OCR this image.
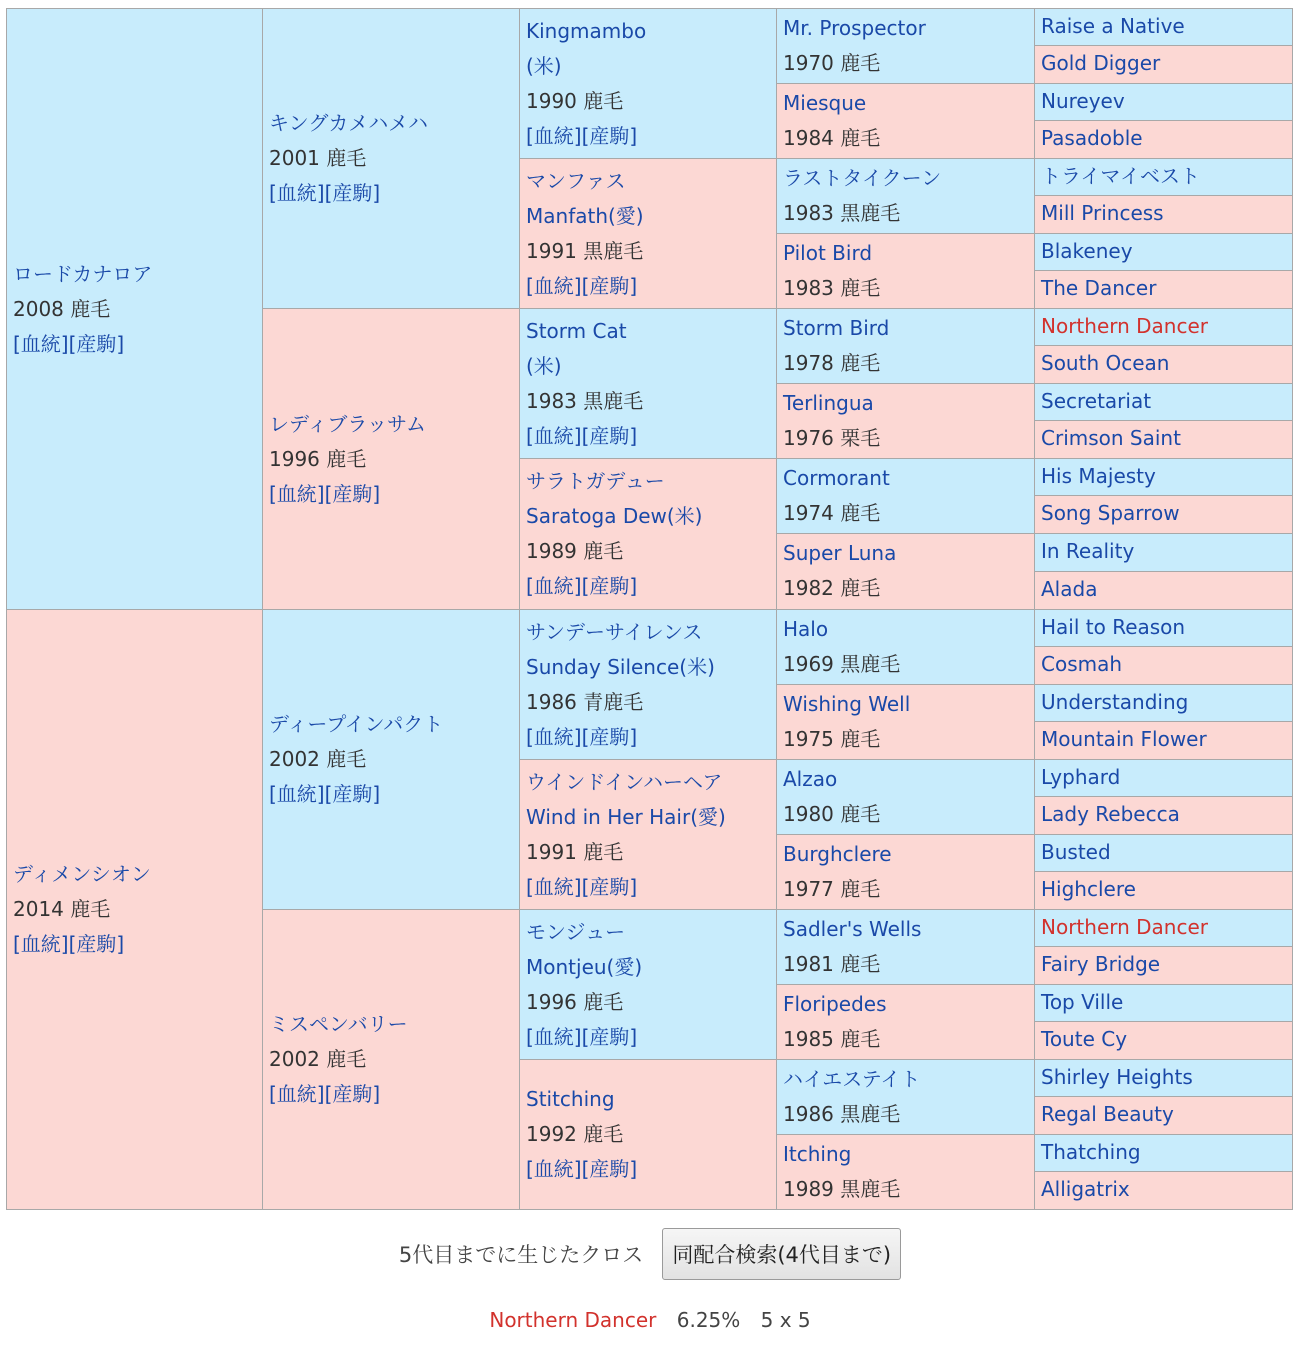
ロードカナロア
2008 鹿毛
[血統][産駒]
ディメンシオン
2014 鹿毛
[血統][産駒]
キングカメハメハ
2001 鹿毛
[血統][産駒]
レディブラッサム
1996 鹿毛
[血統][産駒]
ディープインパクト
2002 鹿毛
[血統][産駒]
ミスペンバリー
2002 鹿毛
[血統][産駒]
Kingmambo
(米)
1990 鹿毛
[血統][産駒]
マンファス
Manfath(愛)
1991 黒鹿毛
[血統][産駒]
Storm Cat
(米)
1983 黒鹿毛
[血統][産駒]
サラトガデュー
Saratoga Dew(米)
1989 鹿毛
[血統][産駒]
サンデーサイレンス
Sunday Silence(米)
1986 青鹿毛
[血統][産駒]
ウインドインハーヘア
Wind in Her Hair(愛)
1991 鹿毛
[血統][産駒]
モンジュー
Montjeu(愛)
1996 鹿毛
[血統][産駒]
Stitching
1992 鹿毛
[血統][産駒]
Mr. Prospector
1970 鹿毛
Miesque
1984 鹿毛
ラストタイクーン
1983 黒鹿毛
Pilot Bird
1983 鹿毛
Storm Bird
1978 鹿毛
Terlingua
1976 栗毛
Cormorant
1974 鹿毛
Super Luna
1982 鹿毛
Halo
1969 黒鹿毛
Wishing Well
1975 鹿毛
Alzao
1980 鹿毛
Burghclere
1977 鹿毛
Sadler's Wells
1981 鹿毛
Floripedes
1985 鹿毛
ハイエステイト
1986 黒鹿毛
Itching
1989 黒鹿毛
Raise a Native
Gold Digger
Nureyev
Pasadoble
トライマイベスト
Mill Princess
Blakeney
The Dancer
Northern Dancer
South Ocean
Secretariat
Crimson Saint
His Majesty
Song Sparrow
In Reality
Alada
Hail to Reason
Cosmah
Understanding
Mountain Flower
Lyphard
Lady Rebecca
Busted
Highclere
Northern Dancer
Fairy Bridge
Top Ville
Toute Cy
Shirley Heights
Regal Beauty
Thatching
Alligatrix
5代目までに生じたクロス 同配合検索(4代目まで)
Northern Dancer 6.25% 5 x 5
